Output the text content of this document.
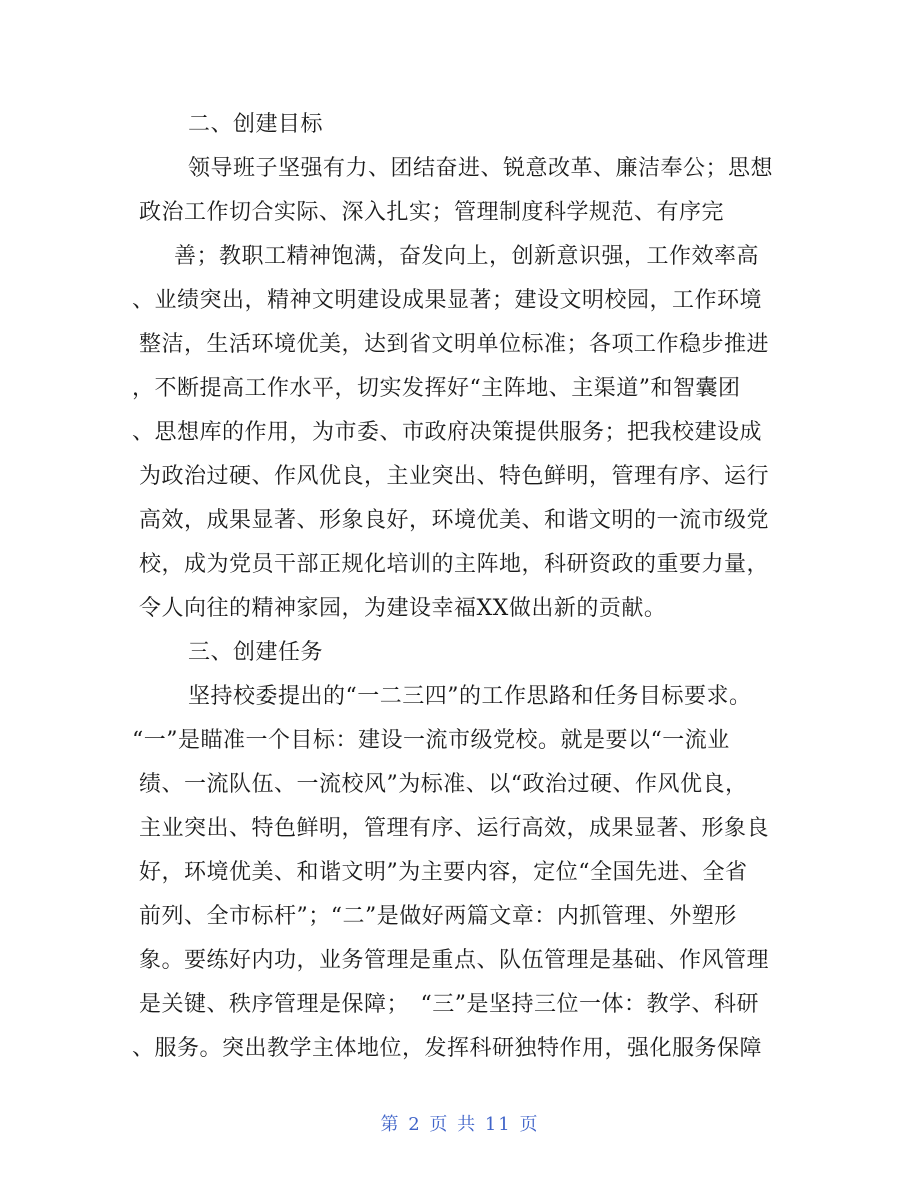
二、创建目标
领导班子坚强有力、团结奋进、锐意改革、廉洁奉公；思想
政治工作切合实际、深入扎实；管理制度科学规范、有序完
善；教职工精神饱满，奋发向上，创新意识强，工作效率高
、业绩突出，精神文明建设成果显著；建设文明校园，工作环境
整洁，生活环境优美，达到省文明单位标准；各项工作稳步推进
，不断提高工作水平，切实发挥好“主阵地、主渠道”和智囊团
、思想库的作用，为市委、市政府决策提供服务；把我校建设成
为政治过硬、作风优良，主业突出、特色鲜明，管理有序、运行
高效，成果显著、形象良好，环境优美、和谐文明的一流市级党
校，成为党员干部正规化培训的主阵地，科研资政的重要力量，
令人向往的精神家园，为建设幸福XX做出新的贡献。
三、创建任务
坚持校委提出的“一二三四”的工作思路和任务目标要求。
“一”是瞄准一个目标：建设一流市级党校。就是要以“一流业
绩、一流队伍、一流校风”为标准、以“政治过硬、作风优良，
主业突出、特色鲜明，管理有序、运行高效，成果显著、形象良
好，环境优美、和谐文明”为主要内容，定位“全国先进、全省
前列、全市标杆”；“二”是做好两篇文章：内抓管理、外塑形
象。要练好内功，业务管理是重点、队伍管理是基础、作风管理
是关键、秩序管理是保障；　“三”是坚持三位一体：教学、科研
、服务。突出教学主体地位，发挥科研独特作用，强化服务保障
第 2 页 共 11 页
